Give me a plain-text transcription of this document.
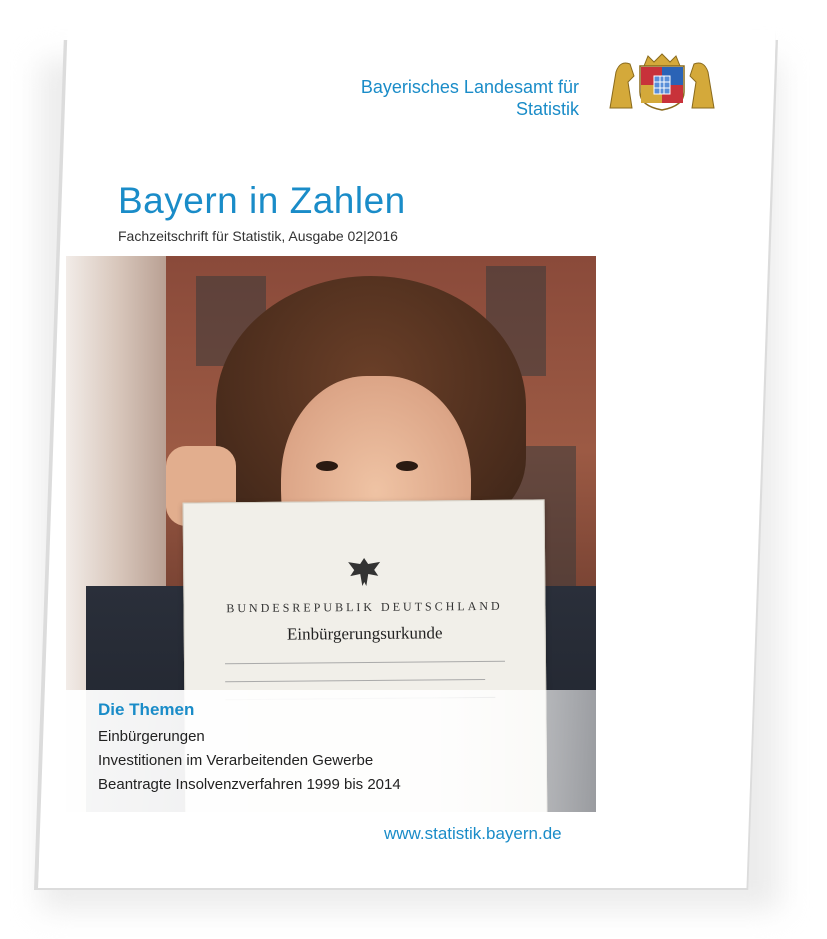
Bayerisches Landesamt für
Statistik
Bayern in Zahlen
Fachzeitschrift für Statistik, Ausgabe 02|2016
BUNDESREPUBLIK DEUTSCHLAND
Einbürgerungsurkunde
Die Themen
Einbürgerungen
Investitionen im Verarbeitenden Gewerbe
Beantragte Insolvenzverfahren 1999 bis 2014
www.statistik.bayern.de
